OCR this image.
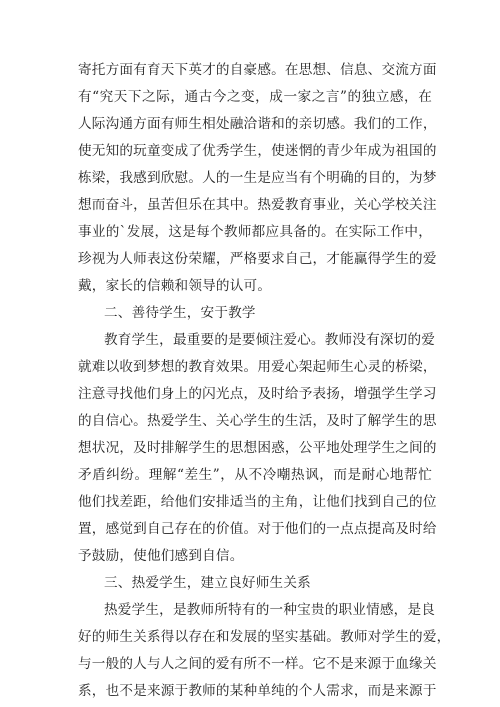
寄托方面有育天下英才的自豪感。在思想、信息、交流方面
有“究天下之际，通古今之变，成一家之言”的独立感，在
人际沟通方面有师生相处融洽谐和的亲切感。我们的工作，
使无知的玩童变成了优秀学生，使迷惘的青少年成为祖国的
栋梁，我感到欣慰。人的一生是应当有个明确的目的，为梦
想而奋斗，虽苦但乐在其中。热爱教育事业，关心学校关注
事业的`发展，这是每个教师都应具备的。在实际工作中，
珍视为人师表这份荣耀，严格要求自己，才能赢得学生的爱
戴，家长的信赖和领导的认可。
二、善待学生，安于教学
教育学生，最重要的是要倾注爱心。教师没有深切的爱
就难以收到梦想的教育效果。用爱心架起师生心灵的桥梁，
注意寻找他们身上的闪光点，及时给予表扬，增强学生学习
的自信心。热爱学生、关心学生的生活，及时了解学生的思
想状况，及时排解学生的思想困惑，公平地处理学生之间的
矛盾纠纷。理解“差生”，从不冷嘲热讽，而是耐心地帮忙
他们找差距，给他们安排适当的主角，让他们找到自己的位
置，感觉到自己存在的价值。对于他们的一点点提高及时给
予鼓励，使他们感到自信。
三、热爱学生，建立良好师生关系
热爱学生，是教师所特有的一种宝贵的职业情感，是良
好的师生关系得以存在和发展的坚实基础。教师对学生的爱，
与一般的人与人之间的爱有所不一样。它不是来源于血缘关
系，也不是来源于教师的某种单纯的个人需求，而是来源于
